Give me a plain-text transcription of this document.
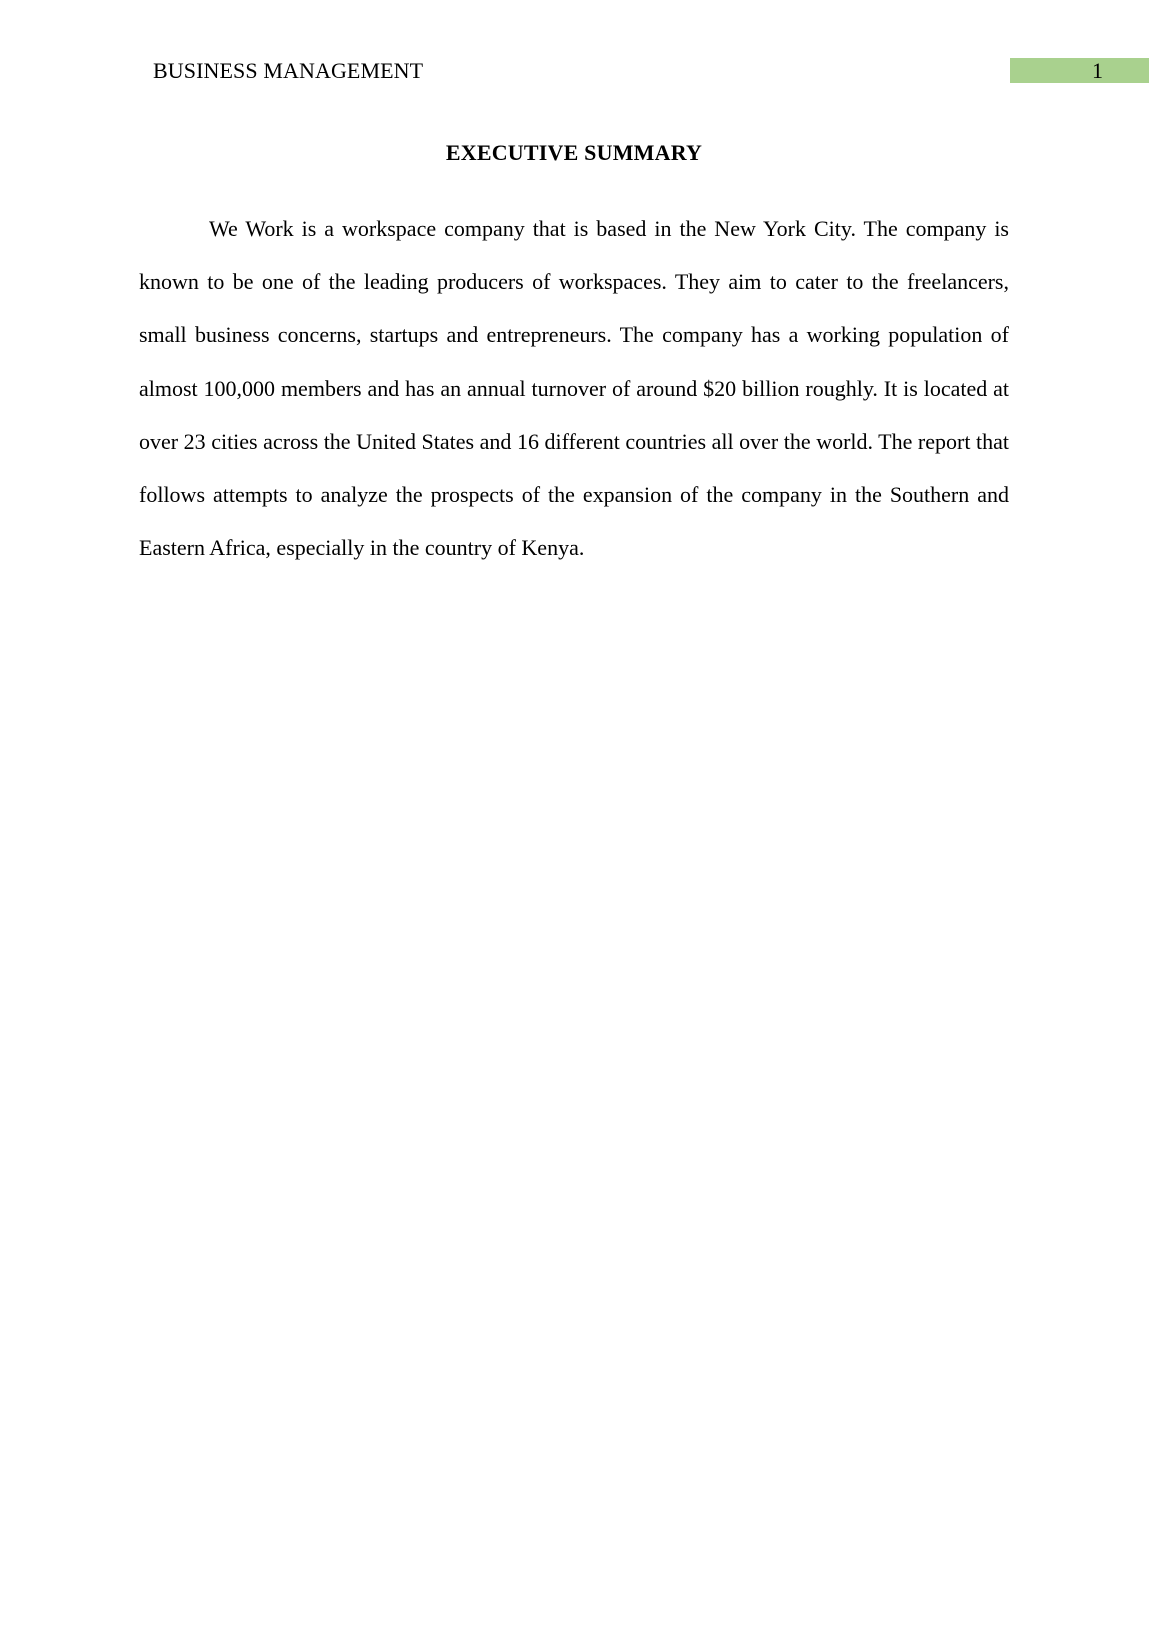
BUSINESS MANAGEMENT	1
EXECUTIVE SUMMARY

We Work is a workspace company that is based in the New York City. The company is known to be one of the leading producers of workspaces. They aim to cater to the freelancers, small business concerns, startups and entrepreneurs. The company has a working population of almost 100,000 members and has an annual turnover of around $20 billion roughly. It is located at over 23 cities across the United States and 16 different countries all over the world. The report that follows attempts to analyze the prospects of the expansion of the company in the Southern and Eastern Africa, especially in the country of Kenya.
